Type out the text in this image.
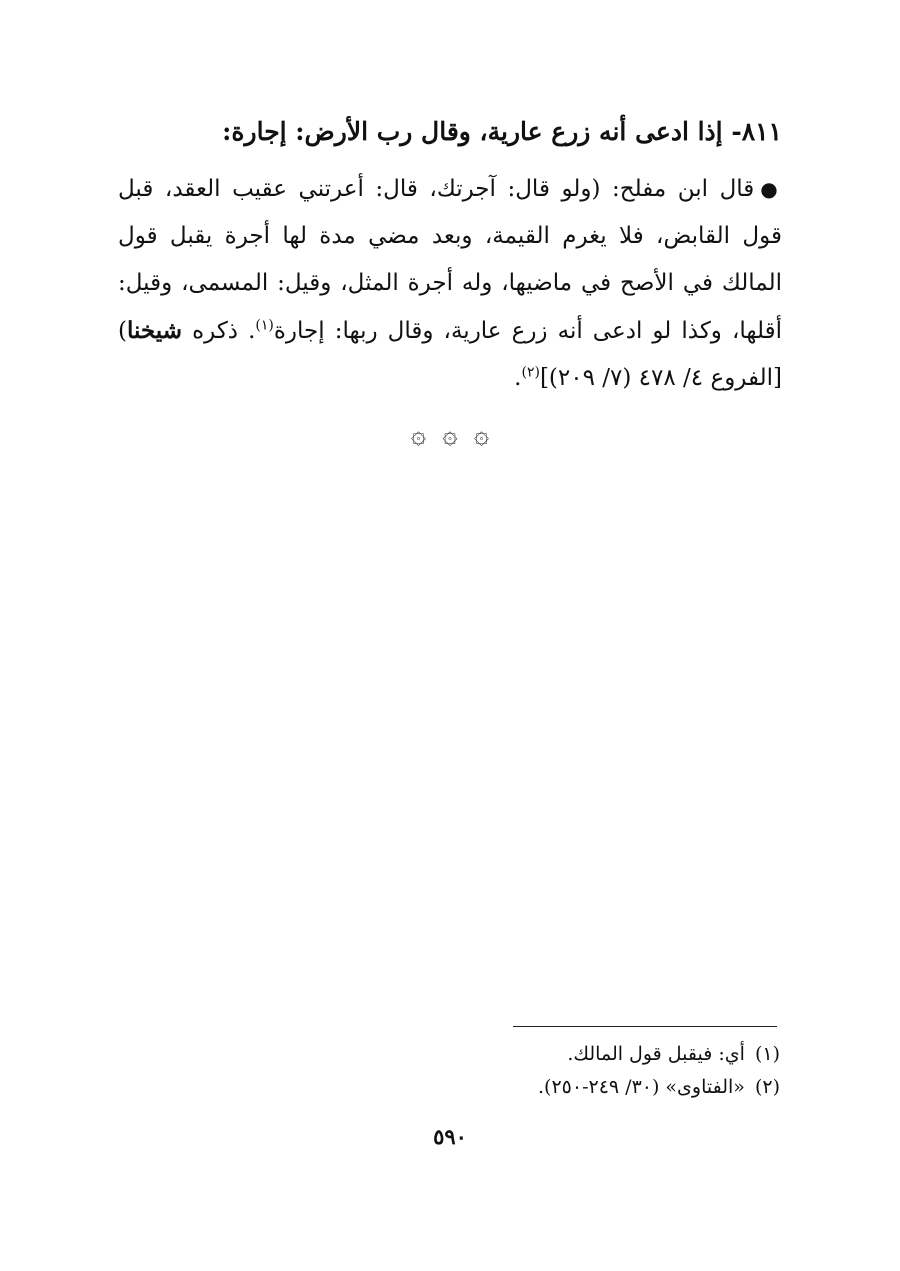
٨١١- إذا ادعى أنه زرع عارية، وقال رب الأرض: إجارة:

●قال ابن مفلح: (ولو قال: آجرتك، قال: أعرتني عقيب العقد، قبل قول القابض، فلا يغرم القيمة، وبعد مضي مدة لها أجرة يقبل قول المالك في الأصح في ماضيها، وله أجرة المثل، وقيل: المسمى، وقيل: أقلها، وكذا لو ادعى أنه زرع عارية، وقال ربها: إجارة$^{(١)}$. ذكره شيخنا) [الفروع ٤/ ٤٧٨ (٧/ ٢٠٩)]$^{(٢)}$.

۞ ۞ ۞

(١)أي: فيقبل قول المالك.

(٢)«الفتاوى» (٣٠/ ٢٤٩-٢٥٠).

٥٩٠
